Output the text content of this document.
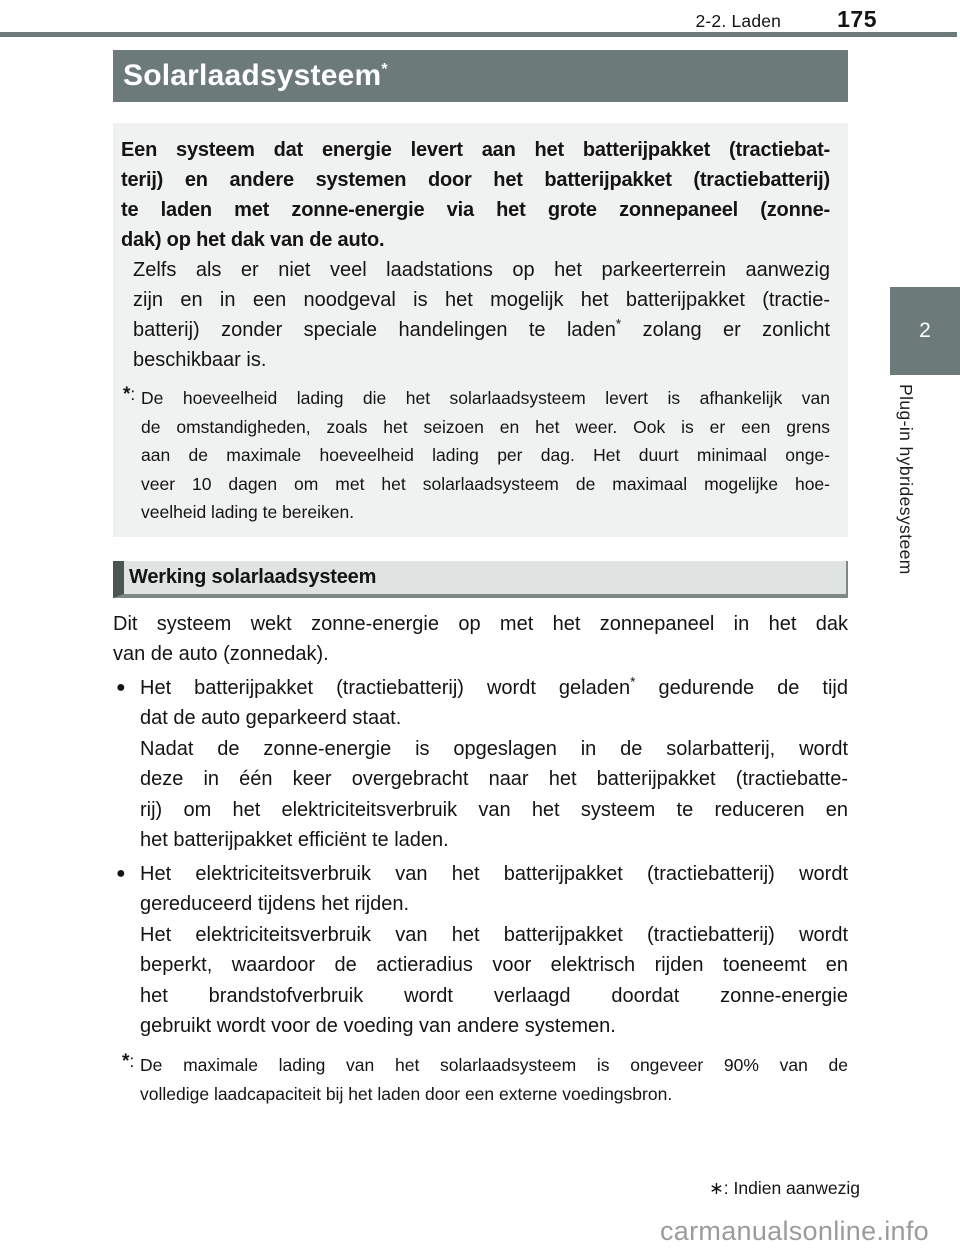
2-2. Laden 175
Solarlaadsysteem*
Een systeem dat energie levert aan het batterijpakket (tractiebat-
terij) en andere systemen door het batterijpakket (tractiebatterij)
te laden met zonne-energie via het grote zonnepaneel (zonne-
dak) op het dak van de auto.
Zelfs als er niet veel laadstations op het parkeerterrein aanwezig
zijn en in een noodgeval is het mogelijk het batterijpakket (tractie-
batterij) zonder speciale handelingen te laden* zolang er zonlicht
beschikbaar is.
*: De hoeveelheid lading die het solarlaadsysteem levert is afhankelijk van
de omstandigheden, zoals het seizoen en het weer. Ook is er een grens
aan de maximale hoeveelheid lading per dag. Het duurt minimaal onge-
veer 10 dagen om met het solarlaadsysteem de maximaal mogelijke hoe-
veelheid lading te bereiken.
Werking solarlaadsysteem
Dit systeem wekt zonne-energie op met het zonnepaneel in het dak
van de auto (zonnedak).
● Het batterijpakket (tractiebatterij) wordt geladen* gedurende de tijd
dat de auto geparkeerd staat.
Nadat de zonne-energie is opgeslagen in de solarbatterij, wordt
deze in één keer overgebracht naar het batterijpakket (tractiebatte-
rij) om het elektriciteitsverbruik van het systeem te reduceren en
het batterijpakket efficiënt te laden.
● Het elektriciteitsverbruik van het batterijpakket (tractiebatterij) wordt
gereduceerd tijdens het rijden.
Het elektriciteitsverbruik van het batterijpakket (tractiebatterij) wordt
beperkt, waardoor de actieradius voor elektrisch rijden toeneemt en
het brandstofverbruik wordt verlaagd doordat zonne-energie
gebruikt wordt voor de voeding van andere systemen.
*: De maximale lading van het solarlaadsysteem is ongeveer 90% van de
volledige laadcapaciteit bij het laden door een externe voedingsbron.
∗: Indien aanwezig
carmanualsonline.info
2
Plug-in hybridesysteem
